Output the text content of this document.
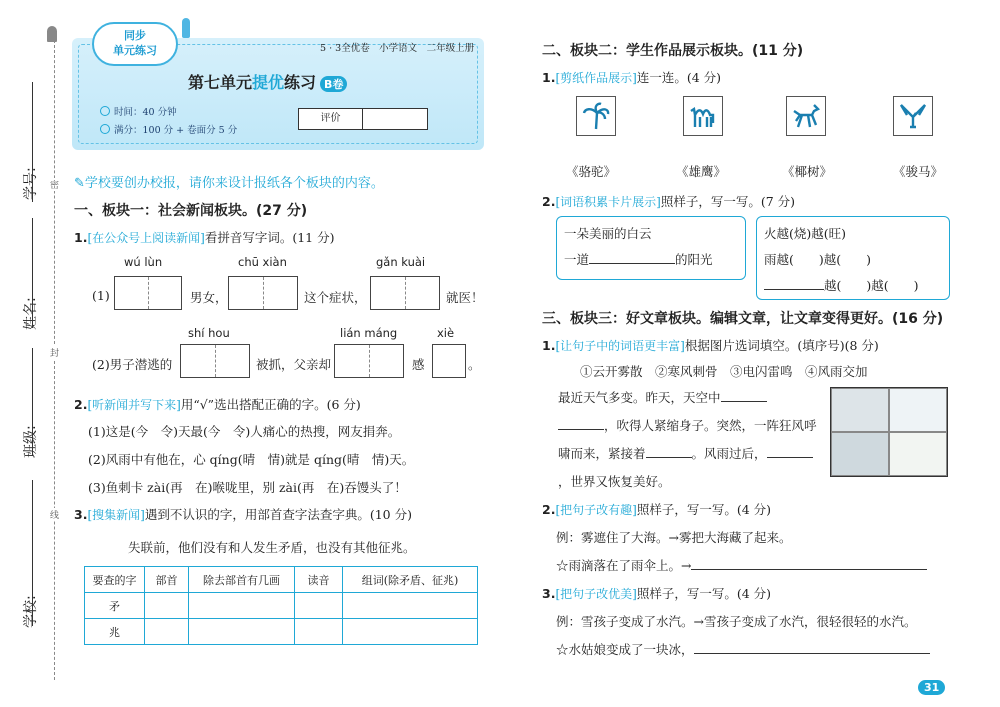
学号:
姓名:
班级:
学校:
密
封
线
同步
单元练习	5 · 3全优卷　小学语文　二年级上册
第七单元提优练习 B卷
时间：40 分钟
满分：100 分 + 卷面分 5 分
评价
✎学校要创办校报，请你来设计报纸各个板块的内容。
一、板块一：社会新闻板块。(27 分)
1.[在公众号上阅读新闻]看拼音写字词。(11 分)
wú lùn	chū xiàn	gǎn kuài
(1)	男女，	这个症状，	就医！
shí hou	lián máng	xiè
(2)男子潜逃的	被抓，父亲却	感	。
2.[听新闻并写下来]用“√”选出搭配正确的字。(6 分)
(1)这是(今　令)天最(今　令)人痛心的热搜，网友捐奔。
(2)风雨中有他在，心 qíng(晴　情)就是 qíng(晴　情)天。
(3)鱼刺卡 zài(再　在)喉咙里，别 zài(再　在)吞馒头了！
3.[搜集新闻]遇到不认识的字，用部首查字法查字典。(10 分)
失联前，他们没有和人发生矛盾，也没有其他征兆。
要查的字	部首	除去部首有几画	读音	组词(除矛盾、征兆)
矛				
兆				
二、板块二：学生作品展示板块。(11 分)
1.[剪纸作品展示]连一连。(4 分)
《骆驼》	《雄鹰》	《椰树》	《骏马》
2.[词语积累卡片展示]照样子，写一写。(7 分)
一朵美丽的白云
一道	的阳光
火越(烧)越(旺)
雨越(　　)越(　　)
越(　　)越(　　)
三、板块三：好文章板块。编辑文章，让文章变得更好。(16 分)
1.[让句子中的词语更丰富]根据图片选词填空。(填序号)(8 分)
①云开雾散　②寒风刺骨　③电闪雷鸣　④风雨交加
最近天气多变。昨天，天空中
，吹得人紧缩身子。突然，一阵狂风呼
啸而来，紧接着	。风雨过后，
，世界又恢复美好。
2.[把句子改有趣]照样子，写一写。(4 分)
例：雾遮住了大海。→雾把大海藏了起来。
☆雨滴落在了雨伞上。→
3.[把句子改优美]照样子，写一写。(4 分)
例：雪孩子变成了水汽。→雪孩子变成了水汽，很轻很轻的水汽。
☆水姑娘变成了一块冰，
31
